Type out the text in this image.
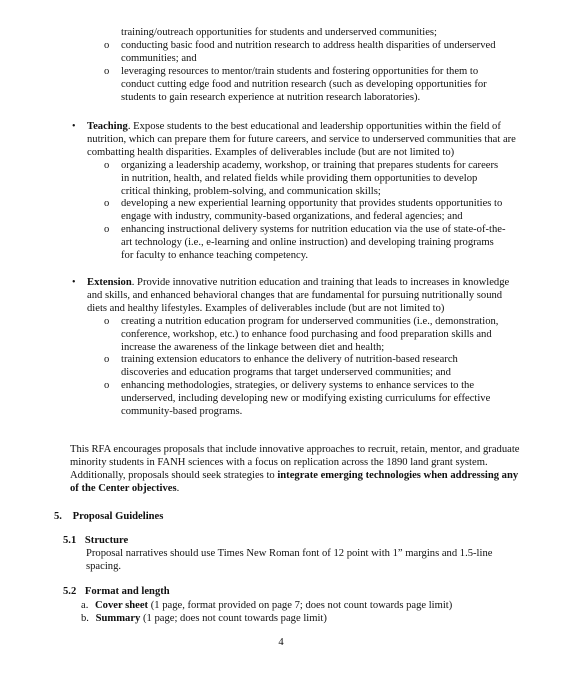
training/outreach opportunities for students and underserved communities;
o conducting basic food and nutrition research to address health disparities of underserved communities; and
o leveraging resources to mentor/train students and fostering opportunities for them to conduct cutting edge food and nutrition research (such as developing opportunities for students to gain research experience at nutrition research laboratories).
•	Teaching. Expose students to the best educational and leadership opportunities within the field of nutrition, which can prepare them for future careers, and service to underserved communities that are combatting health disparities. Examples of deliverables include (but are not limited to)
o organizing a leadership academy, workshop, or training that prepares students for careers in nutrition, health, and related fields while providing them opportunities to develop critical thinking, problem-solving, and communication skills;
o developing a new experiential learning opportunity that provides students opportunities to engage with industry, community-based organizations, and federal agencies; and
o enhancing instructional delivery systems for nutrition education via the use of state-of-the-art technology (i.e., e-learning and online instruction) and developing training programs for faculty to enhance teaching competency.
•	Extension. Provide innovative nutrition education and training that leads to increases in knowledge and skills, and enhanced behavioral changes that are fundamental for pursuing nutritionally sound diets and healthy lifestyles. Examples of deliverables include (but are not limited to)
o creating a nutrition education program for underserved communities (i.e., demonstration, conference, workshop, etc.) to enhance food purchasing and food preparation skills and increase the awareness of the linkage between diet and health;
o training extension educators to enhance the delivery of nutrition-based research discoveries and education programs that target underserved communities; and
o enhancing methodologies, strategies, or delivery systems to enhance services to the underserved, including developing new or modifying existing curriculums for effective community-based programs.
This RFA encourages proposals that include innovative approaches to recruit, retain, mentor, and graduate minority students in FANH sciences with a focus on replication across the 1890 land grant system. Additionally, proposals should seek strategies to integrate emerging technologies when addressing any of the Center objectives.
5. Proposal Guidelines
5.1 Structure
Proposal narratives should use Times New Roman font of 12 point with 1” margins and 1.5-line spacing.
5.2 Format and length
a. Cover sheet (1 page, format provided on page 7; does not count towards page limit)
b. Summary (1 page; does not count towards page limit)
4
